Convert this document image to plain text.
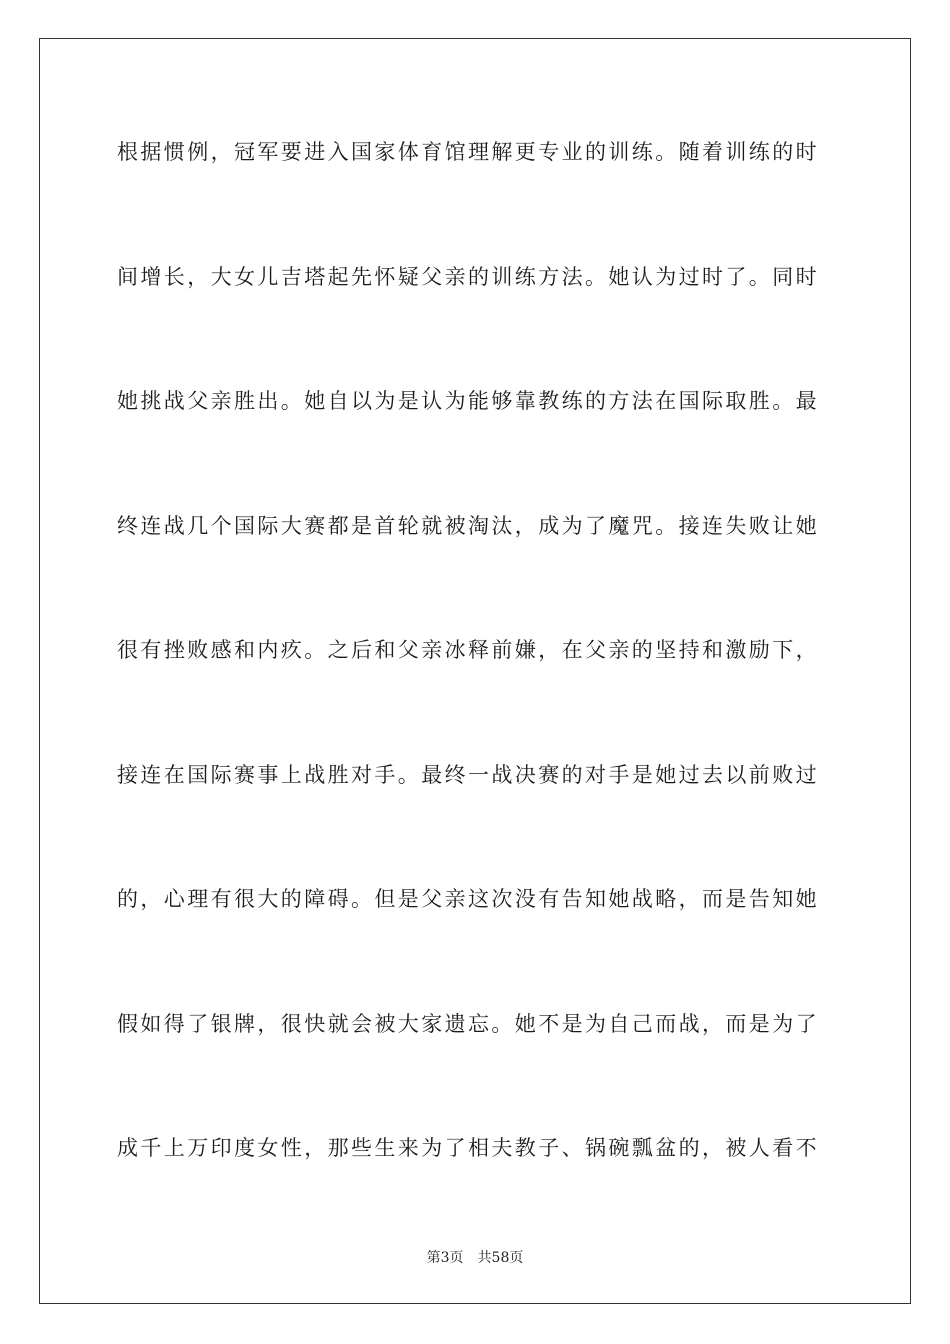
根据惯例，冠军要进入国家体育馆理解更专业的训练。随着训练的时
间增长，大女儿吉塔起先怀疑父亲的训练方法。她认为过时了。同时
她挑战父亲胜出。她自以为是认为能够靠教练的方法在国际取胜。最
终连战几个国际大赛都是首轮就被淘汰，成为了魔咒。接连失败让她
很有挫败感和内疚。之后和父亲冰释前嫌，在父亲的坚持和激励下，
接连在国际赛事上战胜对手。最终一战决赛的对手是她过去以前败过
的，心理有很大的障碍。但是父亲这次没有告知她战略，而是告知她
假如得了银牌，很快就会被大家遗忘。她不是为自己而战，而是为了
成千上万印度女性，那些生来为了相夫教子、锅碗瓢盆的，被人看不
第3页 共58页
